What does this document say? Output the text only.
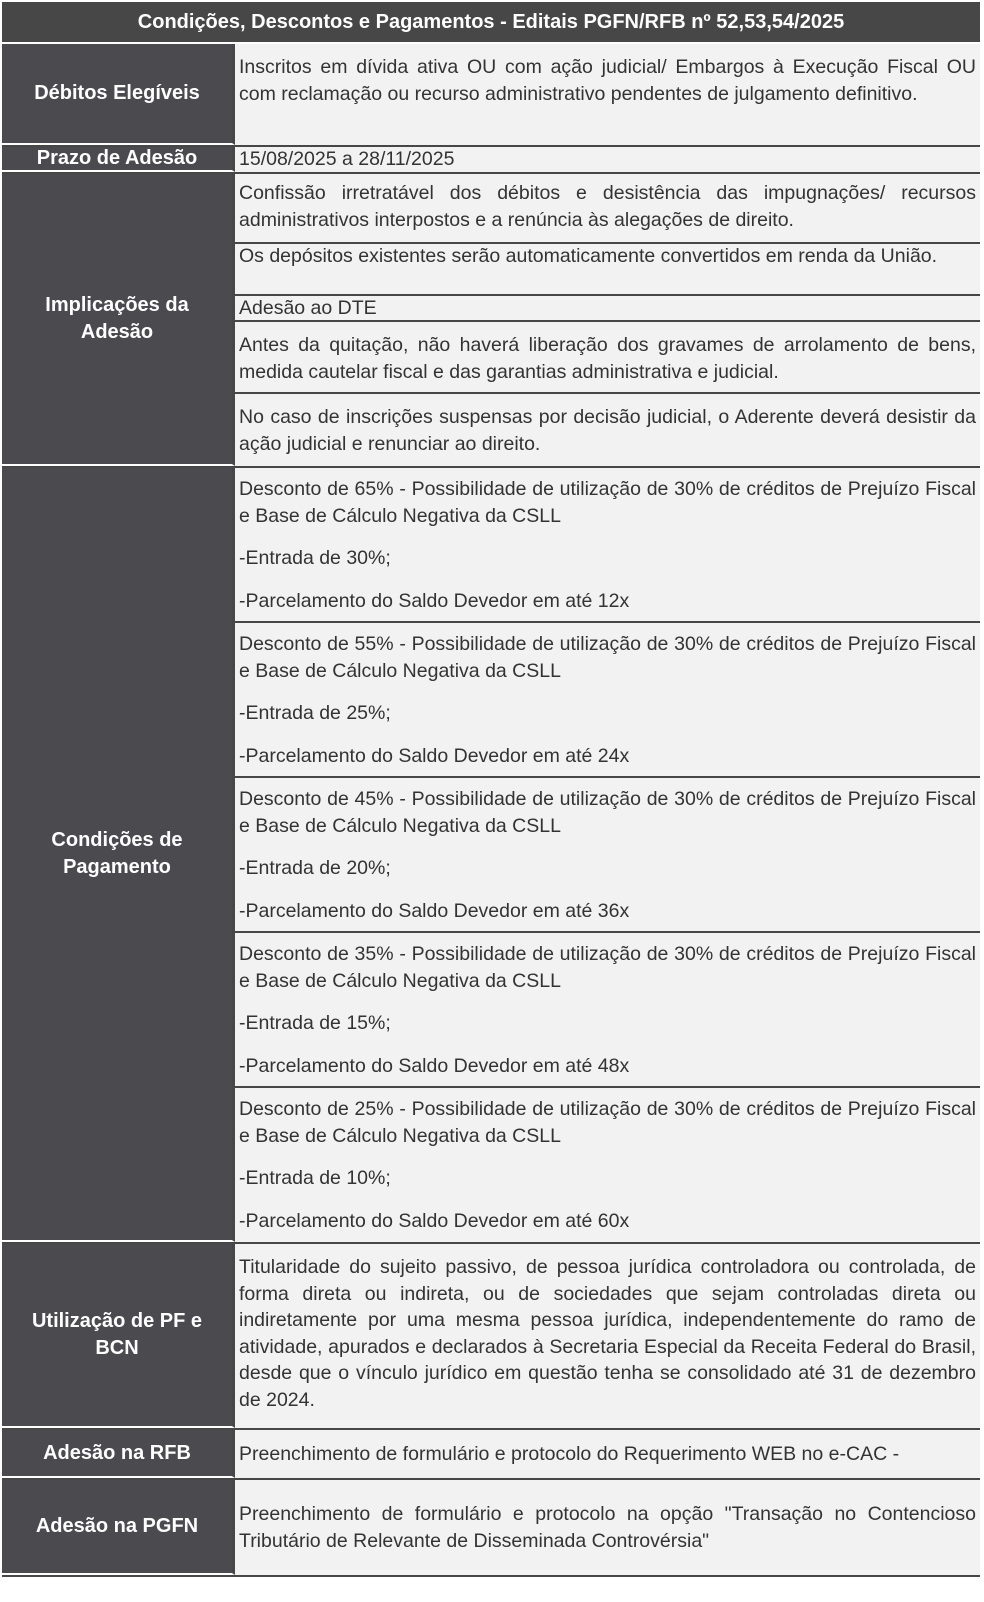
Condições, Descontos e Pagamentos - Editais PGFN/RFB nº 52,53,54/2025
Débitos Elegíveis

Inscritos em dívida ativa OU com ação judicial/ Embargos à Execução Fiscal OU com reclamação ou recurso administrativo pendentes de julgamento definitivo.

Prazo de Adesão	15/08/2025 a 28/11/2025

Implicações da Adesão

Confissão irretratável dos débitos e desistência das impugnações/ recursos administrativos interpostos e a renúncia às alegações de direito.

Os depósitos existentes serão automaticamente convertidos em renda da União.

Adesão ao DTE

Antes da quitação, não haverá liberação dos gravames de arrolamento de bens, medida cautelar fiscal e das garantias administrativa e judicial.

No caso de inscrições suspensas por decisão judicial, o Aderente deverá desistir da ação judicial e renunciar ao direito.

Condições de Pagamento

Desconto de 65% - Possibilidade de utilização de 30% de créditos de Prejuízo Fiscal e Base de Cálculo Negativa da CSLL

-Entrada de 30%;

-Parcelamento do Saldo Devedor em até 12x

Desconto de 55% - Possibilidade de utilização de 30% de créditos de Prejuízo Fiscal e Base de Cálculo Negativa da CSLL

-Entrada de 25%;

-Parcelamento do Saldo Devedor em até 24x

Desconto de 45% - Possibilidade de utilização de 30% de créditos de Prejuízo Fiscal e Base de Cálculo Negativa da CSLL

-Entrada de 20%;

-Parcelamento do Saldo Devedor em até 36x

Desconto de 35% - Possibilidade de utilização de 30% de créditos de Prejuízo Fiscal e Base de Cálculo Negativa da CSLL

-Entrada de 15%;

-Parcelamento do Saldo Devedor em até 48x

Desconto de 25% - Possibilidade de utilização de 30% de créditos de Prejuízo Fiscal e Base de Cálculo Negativa da CSLL

-Entrada de 10%;

-Parcelamento do Saldo Devedor em até 60x

Utilização de PF e BCN

Titularidade do sujeito passivo, de pessoa jurídica controladora ou controlada, de forma direta ou indireta, ou de sociedades que sejam controladas direta ou indiretamente por uma mesma pessoa jurídica, independentemente do ramo de atividade, apurados e declarados à Secretaria Especial da Receita Federal do Brasil, desde que o vínculo jurídico em questão tenha se consolidado até 31 de dezembro de 2024.

Adesão na RFB	Preenchimento de formulário e protocolo do Requerimento WEB no e-CAC -

Adesão na PGFN

Preenchimento de formulário e protocolo na opção "Transação no Contencioso Tributário de Relevante de Disseminada Controvérsia"
